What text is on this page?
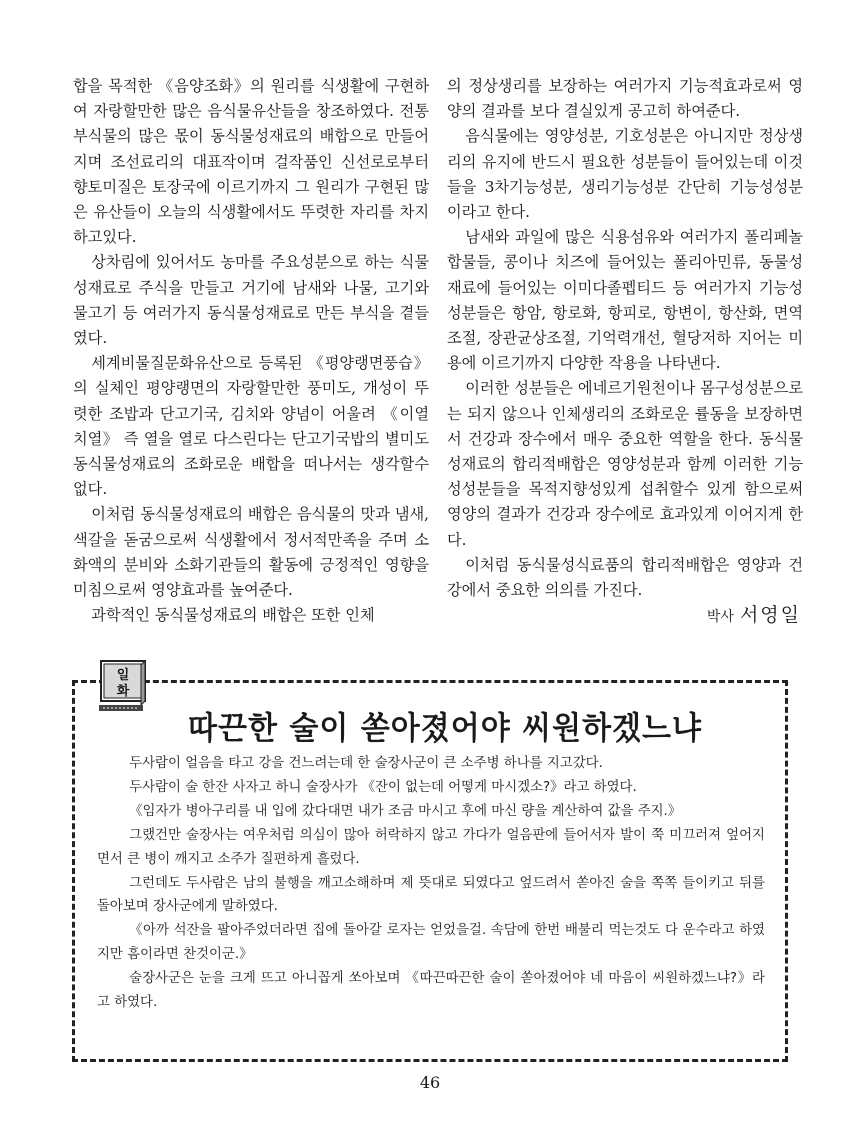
합을 목적한 《음양조화》의 원리를 식생활에 구현하여 자랑할만한 많은 음식물유산들을 창조하였다. 전통부식물의 많은 몫이 동식물성재료의 배합으로 만들어지며 조선료리의 대표작이며 걸작품인 신선로로부터 향토미질은 토장국에 이르기까지 그 원리가 구현된 많은 유산들이 오늘의 식생활에서도 뚜렷한 자리를 차지하고있다.

상차림에 있어서도 농마를 주요성분으로 하는 식물성재료로 주식을 만들고 거기에 남새와 나물, 고기와 물고기 등 여러가지 동식물성재료로 만든 부식을 곁들였다.

세계비물질문화유산으로 등록된 《평양랭면풍습》의 실체인 평양랭면의 자랑할만한 풍미도, 개성이 뚜렷한 조밥과 단고기국, 김치와 양념이 어울려 《이열치열》 즉 열을 열로 다스린다는 단고기국밥의 별미도 동식물성재료의 조화로운 배합을 떠나서는 생각할수 없다.

이처럼 동식물성재료의 배합은 음식물의 맛과 냄새, 색갈을 돋굼으로써 식생활에서 정서적만족을 주며 소화액의 분비와 소화기관들의 활동에 긍정적인 영향을 미침으로써 영양효과를 높여준다.

과학적인 동식물성재료의 배합은 또한 인체

의 정상생리를 보장하는 여러가지 기능적효과로써 영양의 결과를 보다 결실있게 공고히 하여준다.

음식물에는 영양성분, 기호성분은 아니지만 정상생리의 유지에 반드시 필요한 성분들이 들어있는데 이것들을 3차기능성분, 생리기능성분 간단히 기능성성분이라고 한다.

남새와 과일에 많은 식용섬유와 여러가지 폴리페놀합물들, 콩이나 치즈에 들어있는 폴리아민류, 동물성재료에 들어있는 이미다졸펩티드 등 여러가지 기능성성분들은 항암, 항로화, 항피로, 항변이, 항산화, 면역조절, 장관균상조절, 기억력개선, 혈당저하 지어는 미용에 이르기까지 다양한 작용을 나타낸다.

이러한 성분들은 에네르기원천이나 몸구성성분으로는 되지 않으나 인체생리의 조화로운 률동을 보장하면서 건강과 장수에서 매우 중요한 역할을 한다. 동식물성재료의 합리적배합은 영양성분과 함께 이러한 기능성성분들을 목적지향성있게 섭취할수 있게 함으로써 영양의 결과가 건강과 장수에로 효과있게 이어지게 한다.

이처럼 동식물성식료품의 합리적배합은 영양과 건강에서 중요한 의의를 가진다.

박사 서영일

일
화
따끈한 술이 쏟아졌어야 씨원하겠느냐

두사람이 얼음을 타고 강을 건느려는데 한 술장사군이 큰 소주병 하나를 지고갔다.

두사람이 술 한잔 사자고 하니 술장사가 《잔이 없는데 어떻게 마시겠소?》라고 하였다.

《임자가 병아구리를 내 입에 갔다대면 내가 조금 마시고 후에 마신 량을 계산하여 값을 주지.》

그랬건만 술장사는 여우처럼 의심이 많아 허락하지 않고 가다가 얼음판에 들어서자 발이 쭉 미끄러져 엎어지면서 큰 병이 깨지고 소주가 질편하게 흘렀다.

그런데도 두사람은 남의 불행을 깨고소해하며 제 뜻대로 되였다고 엎드려서 쏟아진 술을 쪽쪽 들이키고 뒤를 돌아보며 장사군에게 말하였다.

《아까 석잔을 팔아주었더라면 집에 돌아갈 로자는 얻었을걸. 속담에 한번 배불리 먹는것도 다 운수라고 하였지만 흠이라면 찬것이군.》

술장사군은 눈을 크게 뜨고 아니꼽게 쏘아보며 《따끈따끈한 술이 쏟아졌어야 네 마음이 씨원하겠느냐?》라고 하였다.

46
